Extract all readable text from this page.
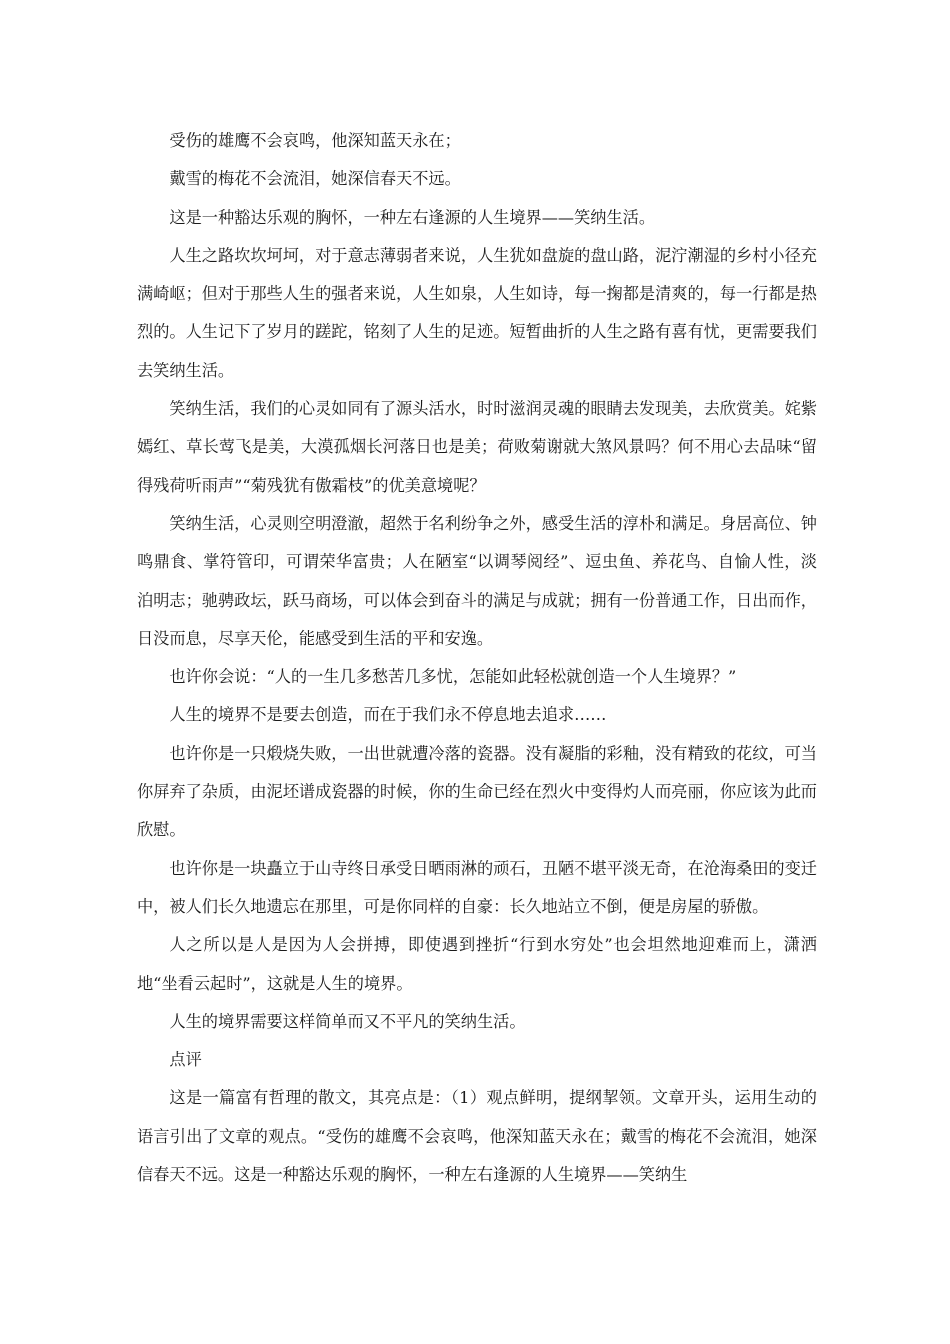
受伤的雄鹰不会哀鸣，他深知蓝天永在；

戴雪的梅花不会流泪，她深信春天不远。

这是一种豁达乐观的胸怀，一种左右逢源的人生境界——笑纳生活。

人生之路坎坎坷坷，对于意志薄弱者来说，人生犹如盘旋的盘山路，泥泞潮湿的乡村小径充满崎岖；但对于那些人生的强者来说，人生如泉，人生如诗，每一掬都是清爽的，每一行都是热烈的。人生记下了岁月的蹉跎，铭刻了人生的足迹。短暂曲折的人生之路有喜有忧，更需要我们去笑纳生活。

笑纳生活，我们的心灵如同有了源头活水，时时滋润灵魂的眼睛去发现美，去欣赏美。姹紫嫣红、草长莺飞是美，大漠孤烟长河落日也是美；荷败菊谢就大煞风景吗？何不用心去品味“留得残荷听雨声”“菊残犹有傲霜枝”的优美意境呢？

笑纳生活，心灵则空明澄澈，超然于名利纷争之外，感受生活的淳朴和满足。身居高位、钟鸣鼎食、掌符管印，可谓荣华富贵；人在陋室“以调琴阅经”、逗虫鱼、养花鸟、自愉人性，淡泊明志；驰骋政坛，跃马商场，可以体会到奋斗的满足与成就；拥有一份普通工作，日出而作，日没而息，尽享天伦，能感受到生活的平和安逸。

也许你会说：“人的一生几多愁苦几多忧，怎能如此轻松就创造一个人生境界？”

人生的境界不是要去创造，而在于我们永不停息地去追求……

也许你是一只煅烧失败，一出世就遭冷落的瓷器。没有凝脂的彩釉，没有精致的花纹，可当你屏弃了杂质，由泥坯谱成瓷器的时候，你的生命已经在烈火中变得灼人而亮丽，你应该为此而欣慰。

也许你是一块矗立于山寺终日承受日晒雨淋的顽石，丑陋不堪平淡无奇，在沧海桑田的变迁中，被人们长久地遗忘在那里，可是你同样的自豪：长久地站立不倒，便是房屋的骄傲。

人之所以是人是因为人会拼搏，即使遇到挫折“行到水穷处”也会坦然地迎难而上，潇洒地“坐看云起时”，这就是人生的境界。

人生的境界需要这样简单而又不平凡的笑纳生活。

点评

这是一篇富有哲理的散文，其亮点是：（1）观点鲜明，提纲挈领。文章开头，运用生动的语言引出了文章的观点。“受伤的雄鹰不会哀鸣，他深知蓝天永在；戴雪的梅花不会流泪，她深信春天不远。这是一种豁达乐观的胸怀，一种左右逢源的人生境界——笑纳生
